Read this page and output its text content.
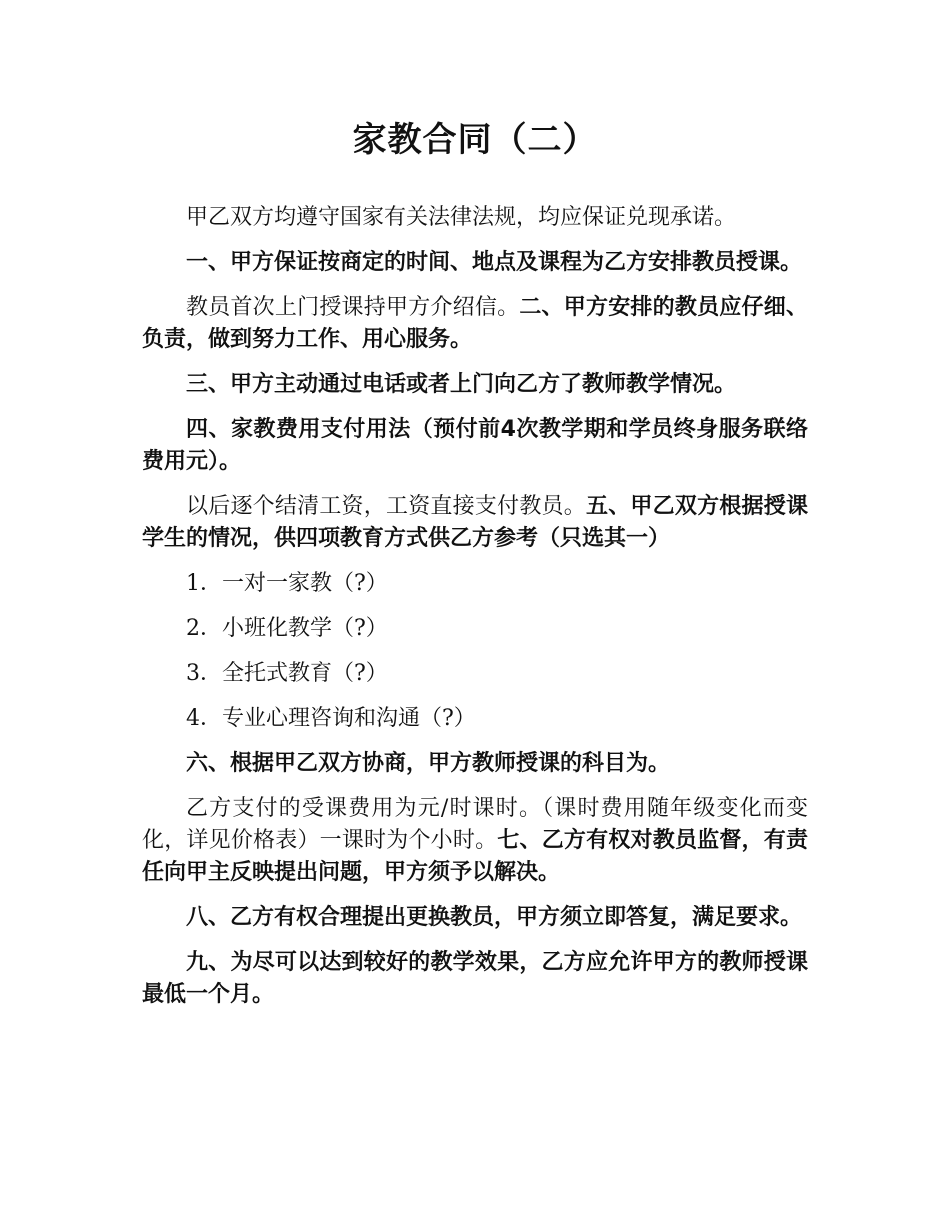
家教合同（二）

甲乙双方均遵守国家有关法律法规，均应保证兑现承诺。

一、甲方保证按商定的时间、地点及课程为乙方安排教员授课。

教员首次上门授课持甲方介绍信。二、甲方安排的教员应仔细、负责，做到努力工作、用心服务。

三、甲方主动通过电话或者上门向乙方了教师教学情况。

四、家教费用支付用法（预付前4次教学期和学员终身服务联络费用元）。

以后逐个结清工资，工资直接支付教员。五、甲乙双方根据授课学生的情况，供四项教育方式供乙方参考（只选其一）

1．一对一家教（?）

2．小班化教学（?）

3．全托式教育（?）

4．专业心理咨询和沟通（?）

六、根据甲乙双方协商，甲方教师授课的科目为。

乙方支付的受课费用为元/时课时。（课时费用随年级变化而变化，详见价格表）一课时为个小时。七、乙方有权对教员监督，有责任向甲主反映提出问题，甲方须予以解决。

八、乙方有权合理提出更换教员，甲方须立即答复，满足要求。

九、为尽可以达到较好的教学效果，乙方应允许甲方的教师授课最低一个月。
